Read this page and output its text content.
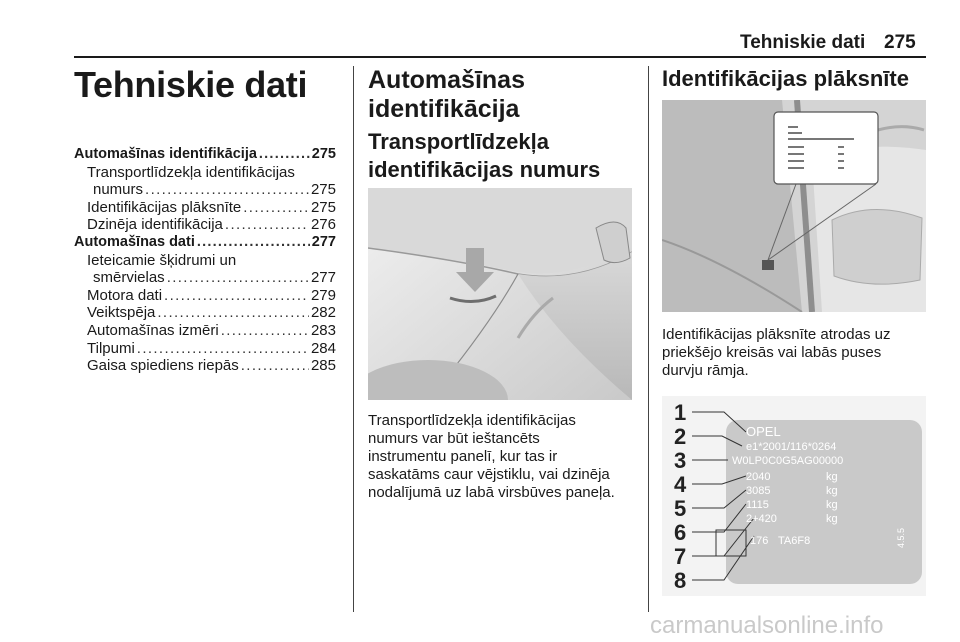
Tehniskie dati 275
Tehniskie dati
Automašīnas identifikācija . . .	275
Transportlīdzekļa identifikācijas
numurs . . .	275
Identifikācijas plāksnīte . . .	275
Dzinēja identifikācija . . .	276
Automašīnas dati . . .	277
Ieteicamie šķidrumi un
smērvielas . . .	277
Motora dati . . .	279
Veiktspēja . . .	282
Automašīnas izmēri . . .	283
Tilpumi . . .	284
Gaisa spiediens riepās . . .	285
Automašīnas
identifikācija
Transportlīdzekļa
identifikācijas numurs
Transportlīdzekļa identifikācijas
numurs var būt ieštancēts
instrumentu panelī, kur tas ir
saskatāms caur vējstiklu, vai dzinēja
nodalījumā uz labā virsbūves paneļa.
Identifikācijas plāksnīte
Identifikācijas plāksnīte atrodas uz
priekšējo kreisās vai labās puses
durvju rāmja.
1
2
3
4
5
6
7
8
OPEL
e1*2001/116*0264
W0LP0C0G5AG00000
2040
3085
1115
2+420
kg
kg
kg
kg
176 TA6F8	4.5.5
carmanualsonline.info
